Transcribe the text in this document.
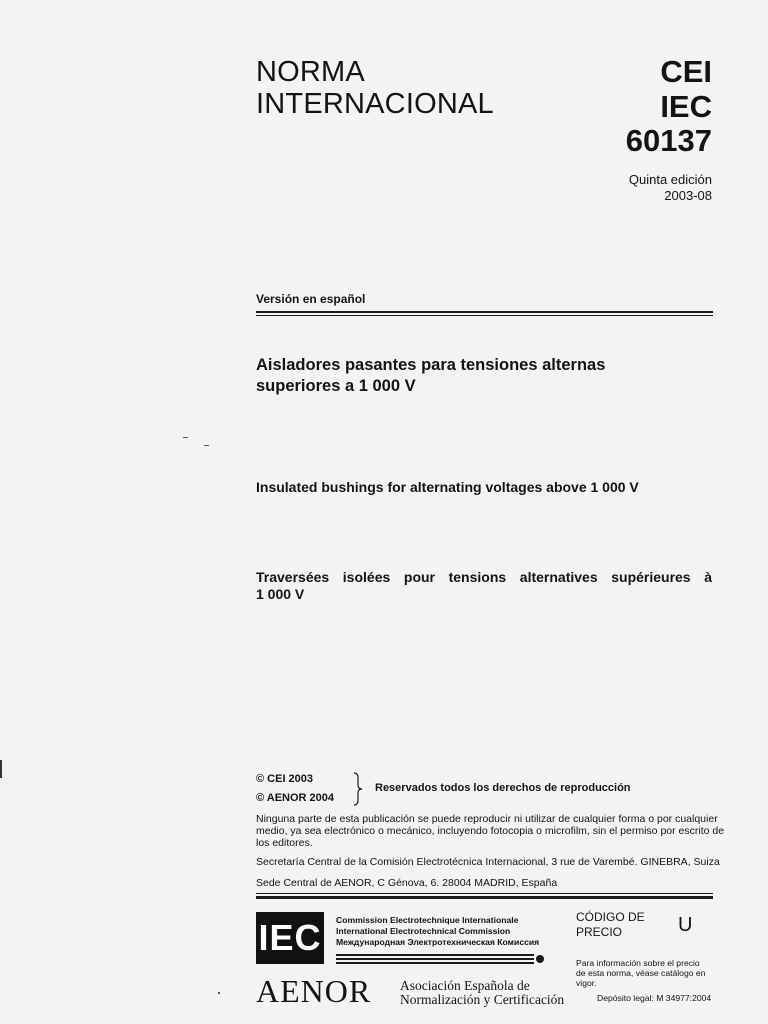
NORMA
INTERNACIONAL
CEI
IEC
60137
Quinta edición
2003-08
Versión en español
Aisladores pasantes para tensiones alternas
superiores a 1 000 V
Insulated bushings for alternating voltages above 1 000 V
Traversées isolées pour tensions alternatives supérieures à
1 000 V
© CEI 2003
© AENOR 2004
Reservados todos los derechos de reproducción
Ninguna parte de esta publicación se puede reproducir ni utilizar de cualquier forma o por cualquier
medio, ya sea electrónico o mecánico, incluyendo fotocopia o microfilm, sin el permiso por escrito de
los editores.
Secretaría Central de la Comisión Electrotécnica Internacional, 3 rue de Varembé. GINEBRA, Suiza
Sede Central de AENOR, C Génova, 6. 28004 MADRID, España
IEC Commission Electrotechnique Internationale
International Electrotechnical Commission
Международная Электротехническая Комиссия
AENOR Asociación Española de
Normalización y Certificación
CÓDIGO DE
PRECIO	U
Para información sobre el precio
de esta norma, véase catálogo en
vigor.
Depósito legal: M 34977:2004
